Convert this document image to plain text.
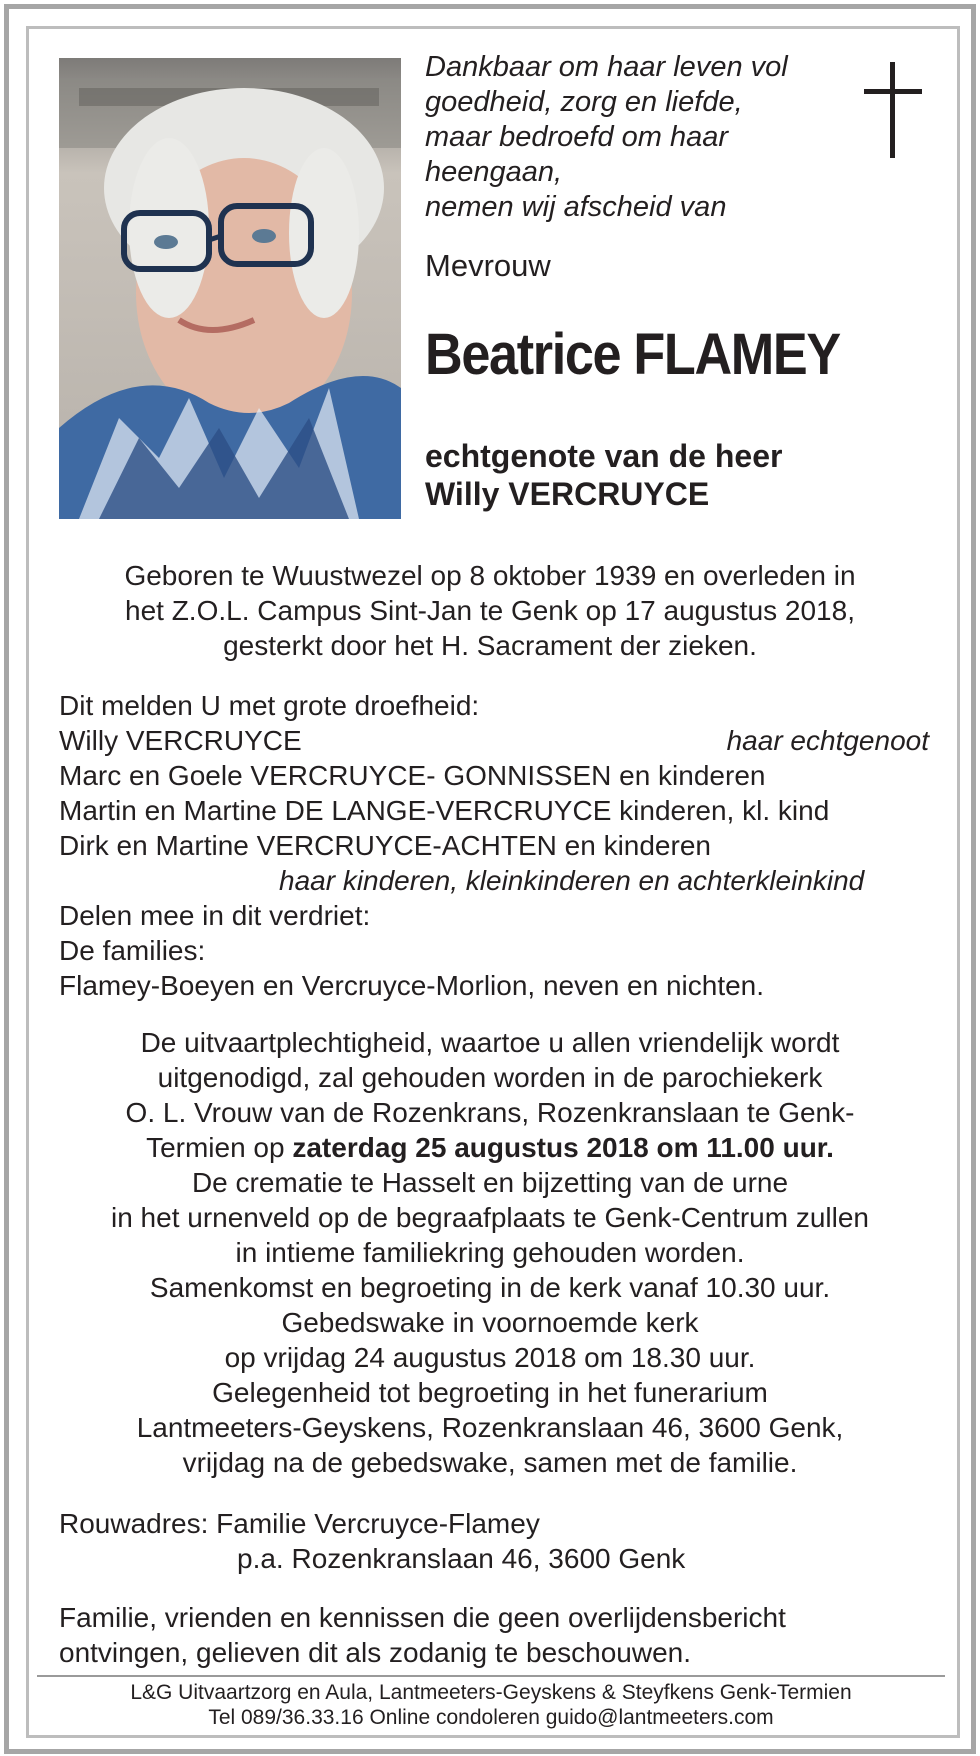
Dankbaar om haar leven vol
goedheid, zorg en liefde,
maar bedroefd om haar
heengaan,
nemen wij afscheid van
Mevrouw
Beatrice FLAMEY
echtgenote van de heer
Willy VERCRUYCE
Geboren te Wuustwezel op 8 oktober 1939 en overleden in
het Z.O.L. Campus Sint-Jan te Genk op 17 augustus 2018,
gesterkt door het H. Sacrament der zieken.
Dit melden U met grote droefheid:
Willy VERCRUYCE	haar echtgenoot
Marc en Goele VERCRUYCE- GONNISSEN en kinderen
Martin en Martine DE LANGE-VERCRUYCE kinderen, kl. kind
Dirk en Martine VERCRUYCE-ACHTEN en kinderen
haar kinderen, kleinkinderen en achterkleinkind
Delen mee in dit verdriet:
De families:
Flamey-Boeyen en Vercruyce-Morlion, neven en nichten.
De uitvaartplechtigheid, waartoe u allen vriendelijk wordt
uitgenodigd, zal gehouden worden in de parochiekerk
O. L. Vrouw van de Rozenkrans, Rozenkranslaan te Genk-
Termien op zaterdag 25 augustus 2018 om 11.00 uur.
De crematie te Hasselt en bijzetting van de urne
in het urnenveld op de begraafplaats te Genk-Centrum zullen
in intieme familiekring gehouden worden.
Samenkomst en begroeting in de kerk vanaf 10.30 uur.
Gebedswake in voornoemde kerk
op vrijdag 24 augustus 2018 om 18.30 uur.
Gelegenheid tot begroeting in het funerarium
Lantmeeters-Geyskens, Rozenkranslaan 46, 3600 Genk,
vrijdag na de gebedswake, samen met de familie.
Rouwadres: Familie Vercruyce-Flamey
p.a. Rozenkranslaan 46, 3600 Genk
Familie, vrienden en kennissen die geen overlijdensbericht
ontvingen, gelieven dit als zodanig te beschouwen.
L&G Uitvaartzorg en Aula, Lantmeeters-Geyskens & Steyfkens Genk-Termien
Tel 089/36.33.16 Online condoleren guido@lantmeeters.com
